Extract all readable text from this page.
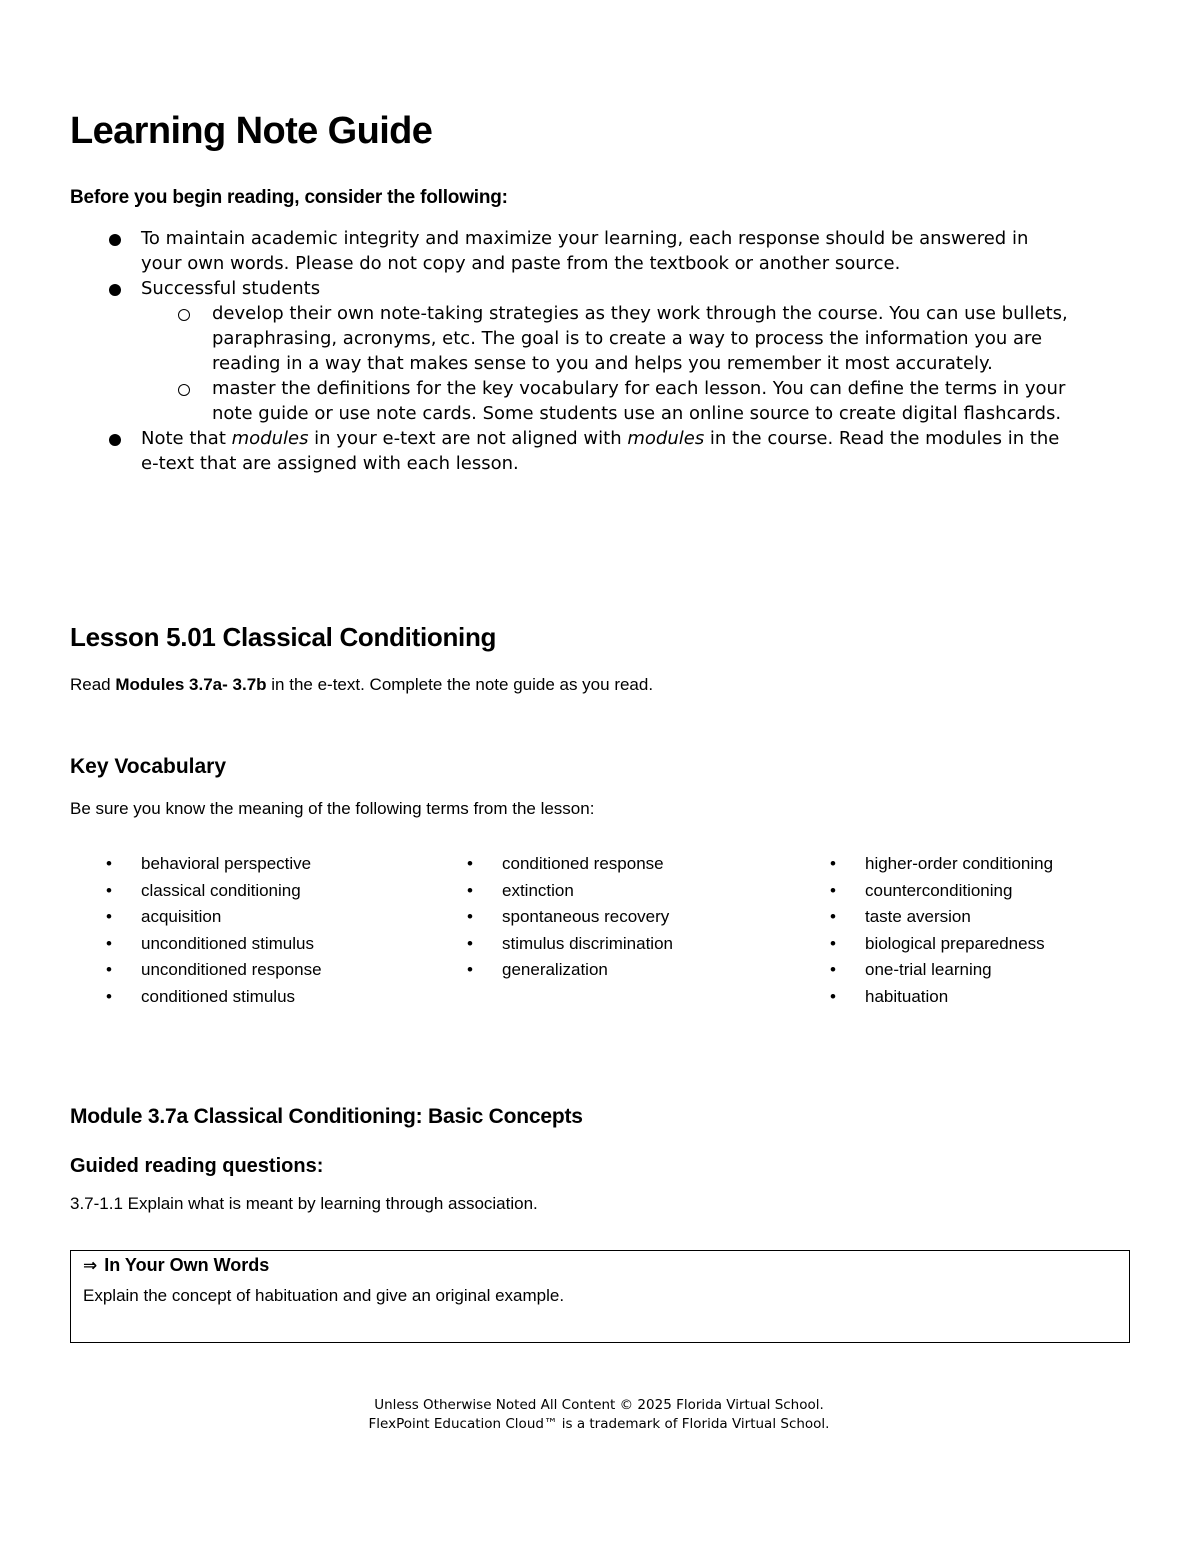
Learning Note Guide

Before you begin reading, consider the following:

To maintain academic integrity and maximize your learning, each response should be answered in your own words. Please do not copy and paste from the textbook or another source.
Successful students
develop their own note-taking strategies as they work through the course. You can use bullets, paraphrasing, acronyms, etc. The goal is to create a way to process the information you are reading in a way that makes sense to you and helps you remember it most accurately.
master the definitions for the key vocabulary for each lesson. You can define the terms in your note guide or use note cards. Some students use an online source to create digital flashcards.
Note that modules in your e-text are not aligned with modules in the course. Read the modules in the e-text that are assigned with each lesson.
Lesson 5.01 Classical Conditioning

Read Modules 3.7a- 3.7b in the e-text. Complete the note guide as you read.

Key Vocabulary

Be sure you know the meaning of the following terms from the lesson:

• behavioral perspective
• classical conditioning
• acquisition
• unconditioned stimulus
• unconditioned response
• conditioned stimulus
• conditioned response
• extinction
• spontaneous recovery
• stimulus discrimination
• generalization
• higher-order conditioning
• counterconditioning
• taste aversion
• biological preparedness
• one-trial learning
• habituation
Module 3.7a Classical Conditioning: Basic Concepts
Guided reading questions:

3.7-1.1 Explain what is meant by learning through association.

⇒ In Your Own Words

Explain the concept of habituation and give an original example.

Unless Otherwise Noted All Content © 2025 Florida Virtual School.
FlexPoint Education Cloud™ is a trademark of Florida Virtual School.
